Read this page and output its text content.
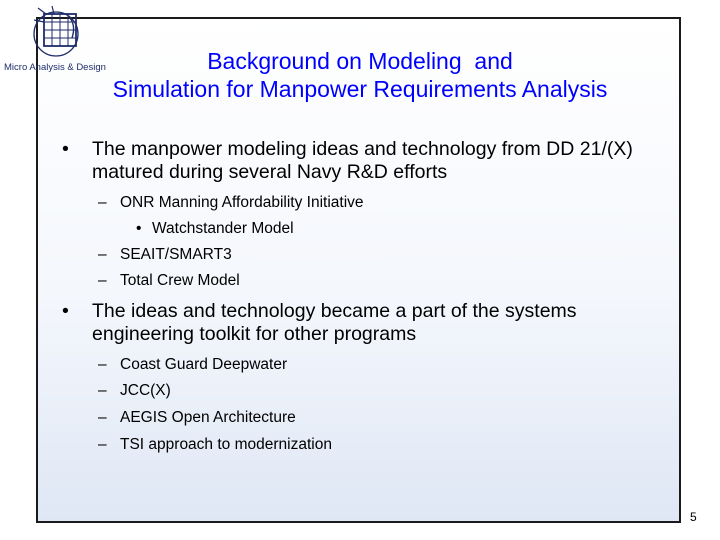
Micro Analysis & Design	Background on Modeling  and
Simulation for Manpower Requirements Analysis
• The manpower modeling ideas and technology from DD 21/(X) matured during several Navy R&D efforts
– ONR Manning Affordability Initiative
• Watchstander Model
– SEAIT/SMART3
– Total Crew Model
• The ideas and technology became a part of the systems engineering toolkit for other programs
– Coast Guard Deepwater
– JCC(X)
– AEGIS Open Architecture
– TSI approach to modernization
5
